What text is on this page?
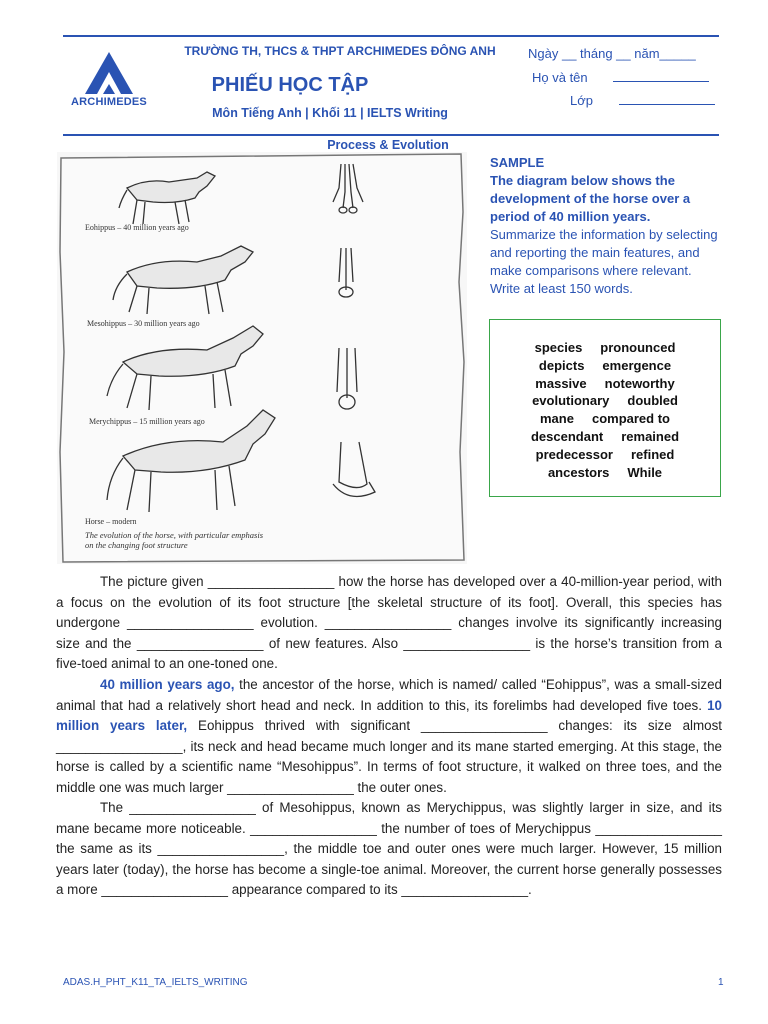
ARCHIMEDES
TRƯỜNG TH, THCS & THPT ARCHIMEDES ĐÔNG ANH
PHIẾU HỌC TẬP
Môn Tiếng Anh | Khối 11 | IELTS Writing
Ngày __ tháng __ năm_____
Họ và tên
Lớp
Process & Evolution
Eohippus – 40 million years ago
Mesohippus – 30 million years ago
Merychippus – 15 million years ago
Horse – modern
The evolution of the horse, with particular emphasis
on the changing foot structure
SAMPLE
The diagram below shows the development of the horse over a period of 40 million years.
Summarize the information by selecting and reporting the main features, and make comparisons where relevant. Write at least 150 words.
species pronounced
depicts emergence
massive noteworthy
evolutionary doubled
mane compared to
descendant remained
predecessor refined
ancestors While
The picture given _________________ how the horse has developed over a 40-million-year period, with a focus on the evolution of its foot structure [the skeletal structure of its foot]. Overall, this species has undergone _________________ evolution. _________________ changes involve its significantly increasing size and the _________________ of new features. Also _________________ is the horse’s transition from a five-toed animal to an one-toned one.
40 million years ago, the ancestor of the horse, which is named/ called “Eohippus”, was a small-sized animal that had a relatively short head and neck. In addition to this, its forelimbs had developed five toes. 10 million years later, Eohippus thrived with significant _________________ changes: its size almost _________________, its neck and head became much longer and its mane started emerging. At this stage, the horse is called by a scientific name “Mesohippus”. In terms of foot structure, it walked on three toes, and the middle one was much larger _________________ the outer ones.
The _________________ of Mesohippus, known as Merychippus, was slightly larger in size, and its mane became more noticeable. _________________ the number of toes of Merychippus _________________ the same as its _________________, the middle toe and outer ones were much larger. However, 15 million years later (today), the horse has become a single-toe animal. Moreover, the current horse generally possesses a more _________________ appearance compared to its _________________.
ADAS.H_PHT_K11_TA_IELTS_WRITING	1
